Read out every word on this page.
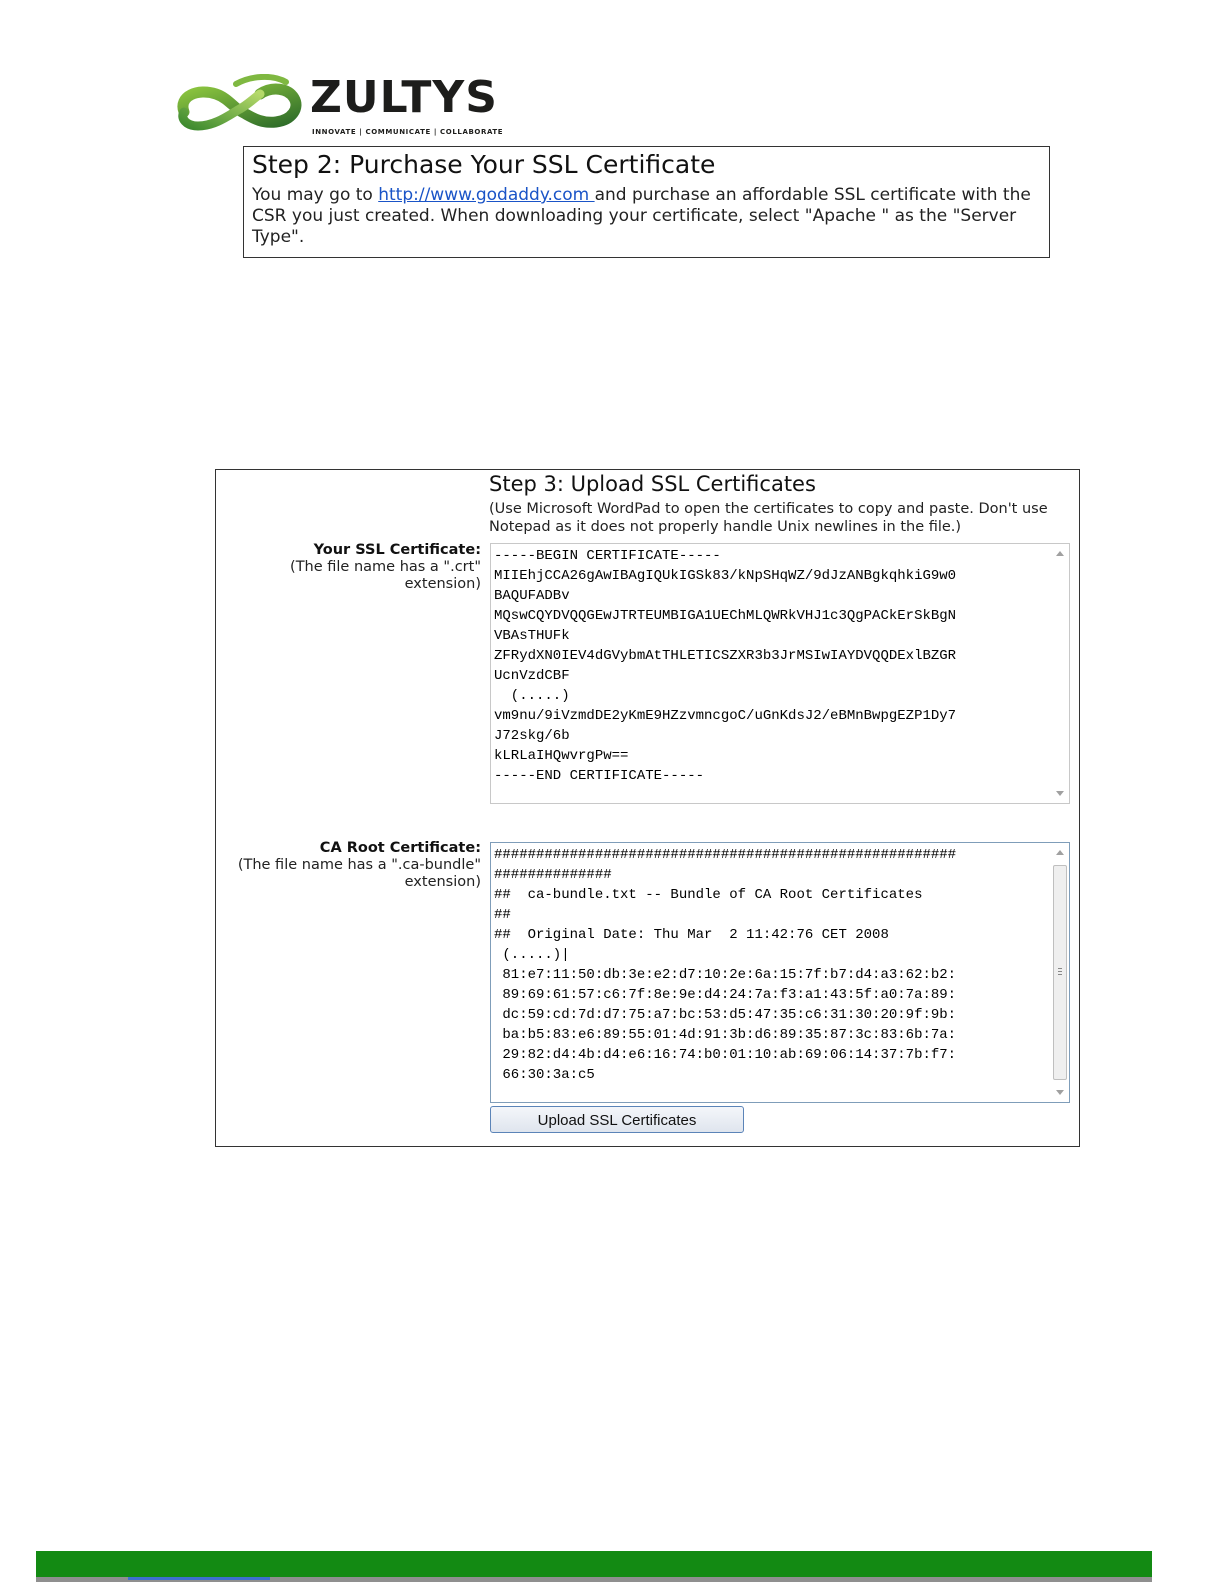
ZULTYS
INNOVATE | COMMUNICATE | COLLABORATE
Step 2: Purchase Your SSL Certificate
You may go to http://www.godaddy.com and purchase an affordable SSL certificate with the CSR you just created. When downloading your certificate, select "Apache " as the "Server Type".
Step 3: Upload SSL Certificates
(Use Microsoft WordPad to open the certificates to copy and paste. Don't use Notepad as it does not properly handle Unix newlines in the file.)
Your SSL Certificate:
(The file name has a ".crt"
extension)
-----BEGIN CERTIFICATE-----
MIIEhjCCA26gAwIBAgIQUkIGSk83/kNpSHqWZ/9dJzANBgkqhkiG9w0
BAQUFADBv
MQswCQYDVQQGEwJTRTEUMBIGA1UEChMLQWRkVHJ1c3QgPACkErSkBgN
VBAsTHUFk
ZFRydXN0IEV4dGVybmAtTHLETICSZXR3b3JrMSIwIAYDVQQDExlBZGR
UcnVzdCBF
(.....)
vm9nu/9iVzmdDE2yKmE9HZzvmncgoC/uGnKdsJ2/eBMnBwpgEZP1Dy7
J72skg/6b
kLRLaIHQwvrgPw==
-----END CERTIFICATE-----
CA Root Certificate:
(The file name has a ".ca-bundle"
extension)
#######################################################
##############
##  ca-bundle.txt -- Bundle of CA Root Certificates
##
##  Original Date: Thu Mar  2 11:42:76 CET 2008
(.....)|
81:e7:11:50:db:3e:e2:d7:10:2e:6a:15:7f:b7:d4:a3:62:b2:
89:69:61:57:c6:7f:8e:9e:d4:24:7a:f3:a1:43:5f:a0:7a:89:
dc:59:cd:7d:d7:75:a7:bc:53:d5:47:35:c6:31:30:20:9f:9b:
ba:b5:83:e6:89:55:01:4d:91:3b:d6:89:35:87:3c:83:6b:7a:
29:82:d4:4b:d4:e6:16:74:b0:01:10:ab:69:06:14:37:7b:f7:
66:30:3a:c5
Upload SSL Certificates
